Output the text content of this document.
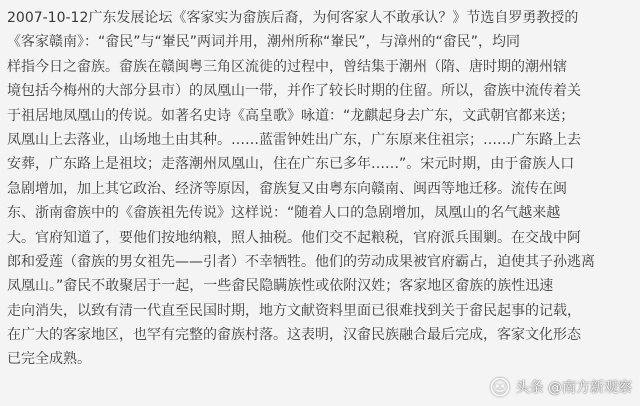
2007-10-12广东发展论坛《客家实为畲族后裔，为何客家人不敢承认？》节选自罗勇教授的
《客家赣南》：“畲民”与“輋民”两词并用，潮州所称“輋民”，与漳州的“畲民”，均同
样指今日之畲族。畲族在赣闽粤三角区流徙的过程中，曾结集于潮州（隋、唐时期的潮州辖
境包括今梅州的大部分县市）的凤凰山一带，并作了较长时期的住留。所以，畲族中流传着关
于祖居地凤凰山的传说。如著名史诗《高皇歌》咏道：“龙麒起身去广东，文武朝官都来送；
凤凰山上去落业，山场地土由其种。……蓝雷钟姓出广东，广东原来住祖宗；……广东路上去
安葬，广东路上是祖坟；走落潮州凤凰山，住在广东已多年……”。宋元时期，由于畲族人口
急剧增加，加上其它政治、经济等原因，畲族复又由粤东向赣南、闽西等地迁移。流传在闽
东、浙南畲族中的《畲族祖先传说》这样说：“随着人口的急剧增加，凤凰山的名气越来越
大。官府知道了，要他们按地纳粮，照人抽税。他们交不起粮税，官府派兵围剿。在交战中阿
郎和爱莲（畲族的男女祖先——引者）不幸牺牲。他们的劳动成果被官府霸占，迫使其子孙逃离
凤凰山。”畲民不敢聚居于一起，一些畲民隐瞒族性或依附汉姓；客家地区畲族的族性迅速
走向消失，以致有清一代直至民国时期，地方文献资料里面已很难找到关于畲民起事的记载，
在广大的客家地区，也罕有完整的畲族村落。这表明，汉畲民族融合最后完成，客家文化形态
已完全成熟。
头条 @南方新观察
